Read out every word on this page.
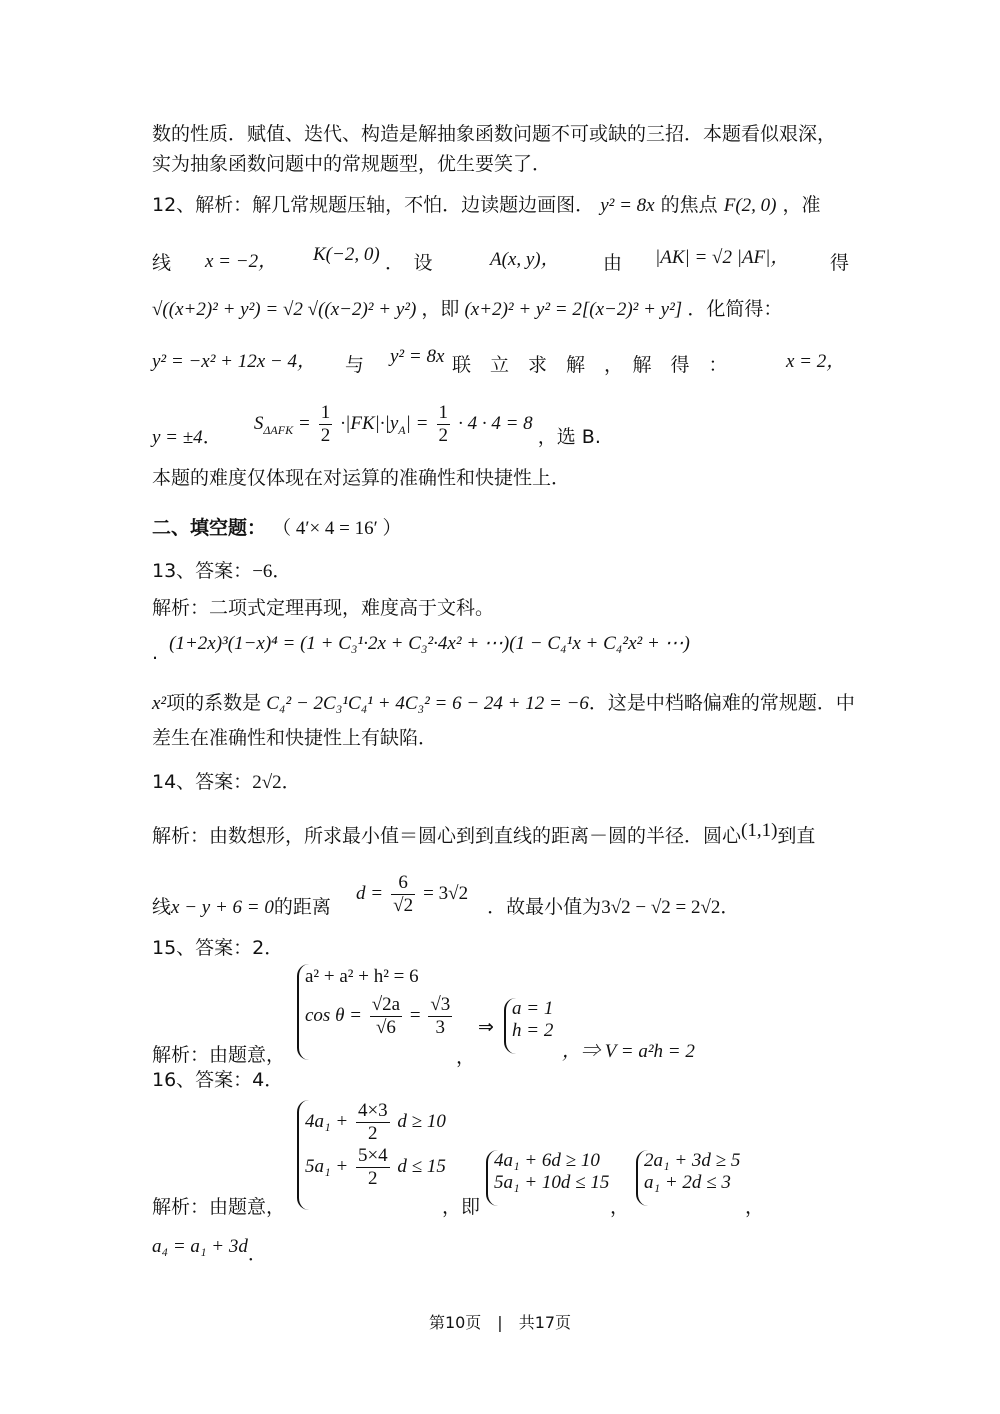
数的性质．赋值、迭代、构造是解抽象函数问题不可或缺的三招．本题看似艰深，
实为抽象函数问题中的常规题型，优生要笑了．
12、解析：解几常规题压轴，不怕．边读题边画图． y² = 8x 的焦点 F(2, 0) ，准
线 x = −2， K(−2, 0) ．　设	A(x, y)， 由 |AK| = √2 |AF|， 得
√((x+2)² + y²) = √2 √((x−2)² + y²) ，即 (x+2)² + y² = 2[(x−2)² + y²] ．化简得：
y² = −x² + 12x − 4， 与 y² = 8x 联　立　求　解　，　解　得　：	x = 2，
y = ±4．  $S_{\Delta AFK} = \frac{1}{2} \cdot|FK|\cdot|y_A| = \frac{1}{2} \cdot 4 \cdot 4 = 8$ ，选 B.
本题的难度仅体现在对运算的准确性和快捷性上．
二、填空题： （ 4′× 4 = 16′ ）
13、答案：−6．
解析：二项式定理再现，难度高于文科。
. (1+2x)³(1−x)⁴ = (1 + C₃¹·2x + C₃²·4x² + ⋯)(1 − C₄¹x + C₄²x² + ⋯)
x²项的系数是 C₄² − 2C₃¹C₄¹ + 4C₃² = 6 − 24 + 12 = −6．这是中档略偏难的常规题．中
差生在准确性和快捷性上有缺陷．
14、答案：2√2．
解析：由数想形，所求最小值＝圆心到到直线的距离－圆的半径．圆心(1,1)到直
线x − y + 6 = 0的距离 $d = \frac{6}{√2} = 3√2$ ．故最小值为3√2 − √2 = 2√2．
15、答案：2．
解析：由题意，
a² + a² + h² = 6
$\cos \theta = \frac{√2a}{√6} = \frac{√3}{3}$
，
⇒
a = 1
h = 2
，⇒ V = a²h = 2
16、答案：4．
解析：由题意，
$4a_1 + \frac{4\times 3}{2}$ d ≥ 10
$5a_1 + \frac{5\times 4}{2}$ d ≤ 15
，即
4a₁ + 6d ≥ 10
5a₁ + 10d ≤ 15
，
2a₁ + 3d ≥ 5
a₁ + 2d ≤ 3
，
a₄ = a₁ + 3d．
第10页　|　共17页
